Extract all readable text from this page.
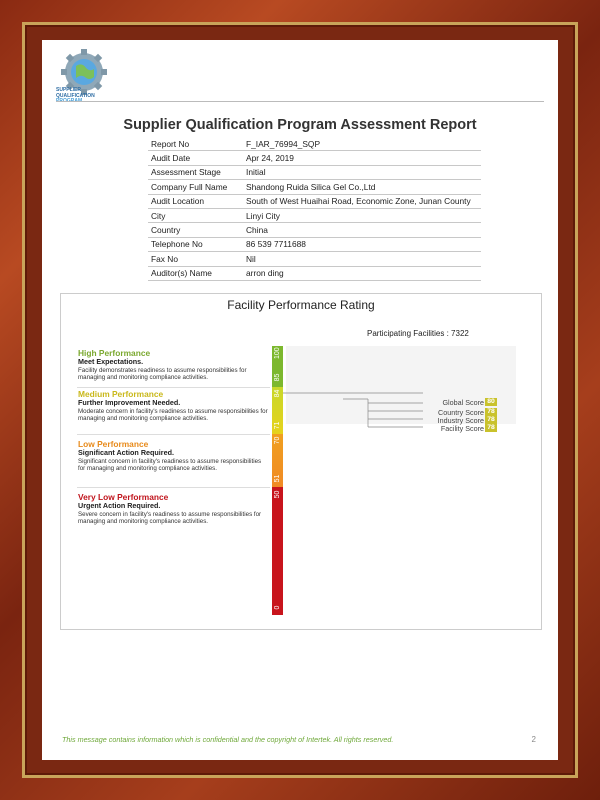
SUPPLIER
QUALIFICATION
Supplier Qualification Program Assessment Report
Report No	F_IAR_76994_SQP
Audit Date	Apr 24, 2019
Assessment Stage	Initial
Company Full Name	Shandong Ruida Silica Gel Co.,Ltd
Audit Location	South of West Huaihai Road, Economic Zone, Junan County
City	Linyi City
Country	China
Telephone No	86 539 7711688
Fax No	Nil
Auditor(s) Name	arron ding
Facility Performance Rating
Participating Facilities : 7322
High Performance
Meet Expectations.
Facility demonstrates readiness to assume responsibilities for managing and monitoring compliance activities.
Medium Performance
Further Improvement Needed.
Moderate concern in facility's readiness to assume responsibilities for managing and monitoring compliance activities.
Low Performance
Significant Action Required.
Significant concern in facility's readiness to assume responsibilities for managing and monitoring compliance activities.
Very Low Performance
Urgent Action Required.
Severe concern in facility's readiness to assume responsibilities for managing and monitoring compliance activities.
100
85
84
71
70
51
50
0
Global Score 80
Country Score 78
Industry Score 78
Facility Score 78
This message contains information which is confidential and the copyright of Intertek. All rights reserved.	2
